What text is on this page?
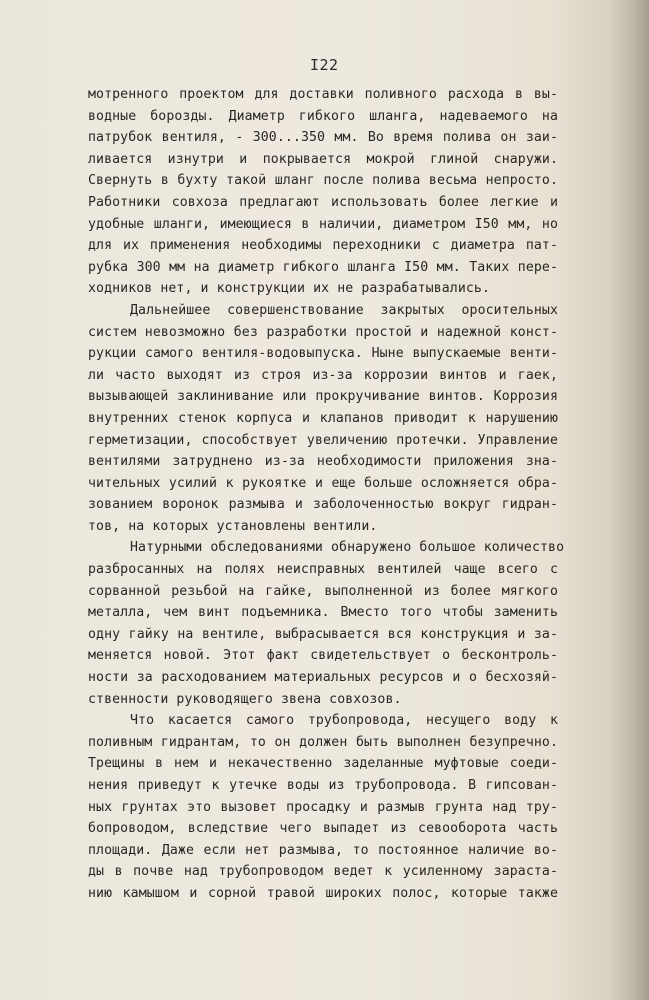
I22
мотренного проектом для доставки поливного расхода в вы-
водные борозды. Диаметр гибкого шланга, надеваемого на
патрубок вентиля, - 300...350 мм. Во время полива он заи-
ливается изнутри и покрывается мокрой глиной снаружи.
Свернуть в бухту такой шланг после полива весьма непросто.
Работники совхоза предлагают использовать более легкие и
удобные шланги, имеющиеся в наличии, диаметром I50 мм, но
для их применения необходимы переходники с диаметра пат-
рубка 300 мм на диаметр гибкого шланга I50 мм. Таких пере-
ходников нет, и конструкции их не разрабатывались.
Дальнейшее совершенствование закрытых оросительных
систем невозможно без разработки простой и надежной конст-
рукции самого вентиля-водовыпуска. Ныне выпускаемые венти-
ли часто выходят из строя из-за коррозии винтов и гаек,
вызывающей заклинивание или прокручивание винтов. Коррозия
внутренних стенок корпуса и клапанов приводит к нарушению
герметизации, способствует увеличению протечки. Управление
вентилями затруднено из-за необходимости приложения зна-
чительных усилий к рукоятке и еще больше осложняется обра-
зованием воронок размыва и заболоченностью вокруг гидран-
тов, на которых установлены вентили.
Натурными обследованиями обнаружено большое количество
разбросанных на полях неисправных вентилей чаще всего с
сорванной резьбой на гайке, выполненной из более мягкого
металла, чем винт подъемника. Вместо того чтобы заменить
одну гайку на вентиле, выбрасывается вся конструкция и за-
меняется новой. Этот факт свидетельствует о бесконтроль-
ности за расходованием материальных ресурсов и о бесхозяй-
ственности руководящего звена совхозов.
Что касается самого трубопровода, несущего воду к
поливным гидрантам, то он должен быть выполнен безупречно.
Трещины в нем и некачественно заделанные муфтовые соеди-
нения приведут к утечке воды из трубопровода. В гипсован-
ных грунтах это вызовет просадку и размыв грунта над тру-
бопроводом, вследствие чего выпадет из севооборота часть
площади. Даже если нет размыва, то постоянное наличие во-
ды в почве над трубопроводом ведет к усиленному зараста-
нию камышом и сорной травой широких полос, которые также
